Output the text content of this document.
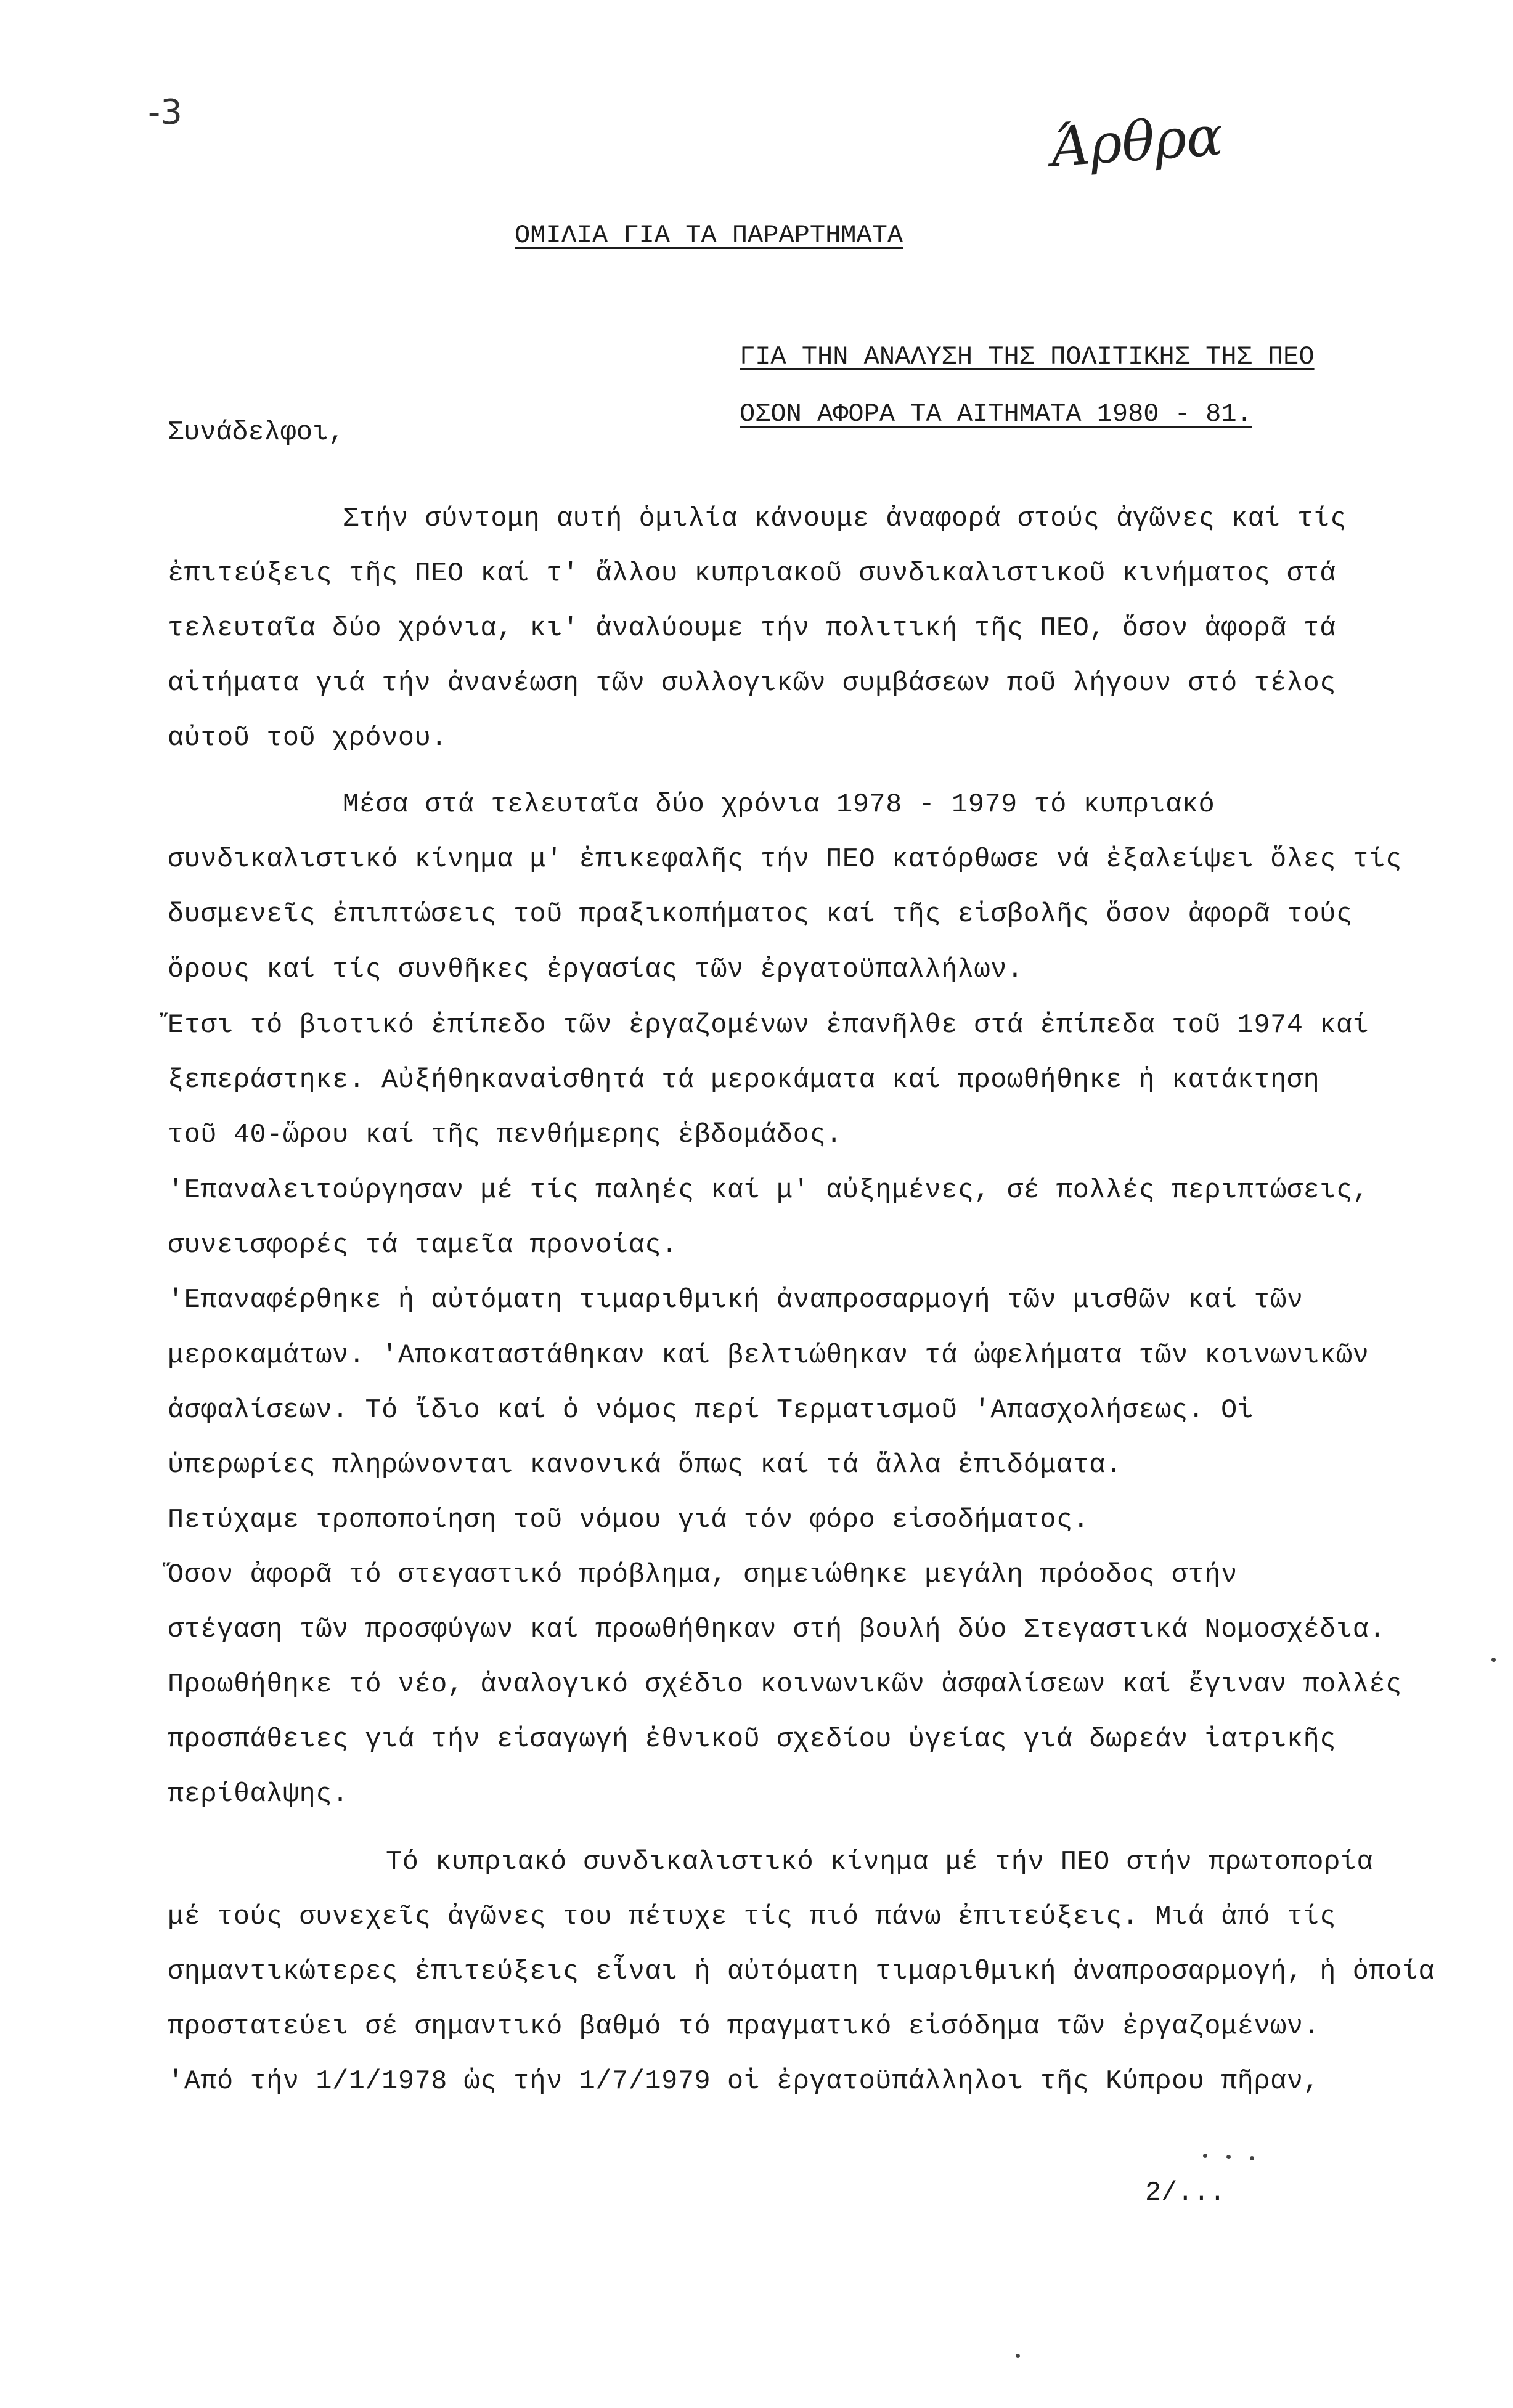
-3	Άρθρα
ΟΜΙΛΙΑ ΓΙΑ ΤΑ ΠΑΡΑΡΤΗΜΑΤΑ
ΓΙΑ ΤΗΝ ΑΝΑΛΥΣΗ ΤΗΣ ΠΟΛΙΤΙΚΗΣ ΤΗΣ ΠΕΟ
ΟΣΟΝ ΑΦΟΡΑ ΤΑ ΑΙΤΗΜΑΤΑ 1980 - 81.
Συνάδελφοι,
Στήν σύντομη αυτή ὁμιλία κάνουμε ἀναφορά στούς ἀγῶνες καί τίς
ἐπιτεύξεις τῆς ΠΕΟ καί τ' ἄλλου κυπριακοῦ συνδικαλιστικοῦ κινήματος στά
τελευταῖα δύο χρόνια, κι' ἀναλύουμε τήν πολιτική τῆς ΠΕΟ, ὅσον ἀφορᾶ τά
αἰτήματα γιά τήν ἀνανέωση τῶν συλλογικῶν συμβάσεων ποῦ λήγουν στό τέλος
αὐτοῦ τοῦ χρόνου.
Μέσα στά τελευταῖα δύο χρόνια 1978 - 1979 τό κυπριακό
συνδικαλιστικό κίνημα μ' ἐπικεφαλῆς τήν ΠΕΟ κατόρθωσε νά ἐξαλείψει ὅλες τίς
δυσμενεῖς ἐπιπτώσεις τοῦ πραξικοπήματος καί τῆς εἰσβολῆς ὅσον ἀφορᾶ τούς
ὅρους καί τίς συνθῆκες ἐργασίας τῶν ἐργατοϋπαλλήλων.
Ἔτσι τό βιοτικό ἐπίπεδο τῶν ἐργαζομένων ἐπανῆλθε στά ἐπίπεδα τοῦ 1974 καί
ξεπεράστηκε. Αὐξήθηκαναἰσθητά τά μεροκάματα καί προωθήθηκε ἡ κατάκτηση
τοῦ 40-ὥρου καί τῆς πενθήμερης ἑβδομάδος.
'Επαναλειτούργησαν μέ τίς παληές καί μ' αὐξημένες, σέ πολλές περιπτώσεις,
συνεισφορές τά ταμεῖα προνοίας.
'Επαναφέρθηκε ἡ αὐτόματη τιμαριθμική ἀναπροσαρμογή τῶν μισθῶν καί τῶν
μεροκαμάτων. 'Αποκαταστάθηκαν καί βελτιώθηκαν τά ὠφελήματα τῶν κοινωνικῶν
ἀσφαλίσεων. Τό ἴδιο καί ὁ νόμος περί Τερματισμοῦ 'Απασχολήσεως. Οἱ
ὑπερωρίες πληρώνονται κανονικά ὅπως καί τά ἄλλα ἐπιδόματα.
Πετύχαμε τροποποίηση τοῦ νόμου γιά τόν φόρο εἰσοδήματος.
Ὅσον ἀφορᾶ τό στεγαστικό πρόβλημα, σημειώθηκε μεγάλη πρόοδος στήν
στέγαση τῶν προσφύγων καί προωθήθηκαν στή βουλή δύο Στεγαστικά Νομοσχέδια.
Προωθήθηκε τό νέο, ἀναλογικό σχέδιο κοινωνικῶν ἀσφαλίσεων καί ἔγιναν πολλές
προσπάθειες γιά τήν εἰσαγωγή ἐθνικοῦ σχεδίου ὑγείας γιά δωρεάν ἰατρικῆς
περίθαλψης.
Τό κυπριακό συνδικαλιστικό κίνημα μέ τήν ΠΕΟ στήν πρωτοπορία
μέ τούς συνεχεῖς ἀγῶνες του πέτυχε τίς πιό πάνω ἐπιτεύξεις. Μιά ἀπό τίς
σημαντικώτερες ἐπιτεύξεις εἶναι ἡ αὐτόματη τιμαριθμική ἀναπροσαρμογή, ἡ ὁποία
προστατεύει σέ σημαντικό βαθμό τό πραγματικό εἰσόδημα τῶν ἐργαζομένων.
'Από τήν 1/1/1978 ὡς τήν 1/7/1979 οἱ ἐργατοϋπάλληλοι τῆς Κύπρου πῆραν,
2/...
